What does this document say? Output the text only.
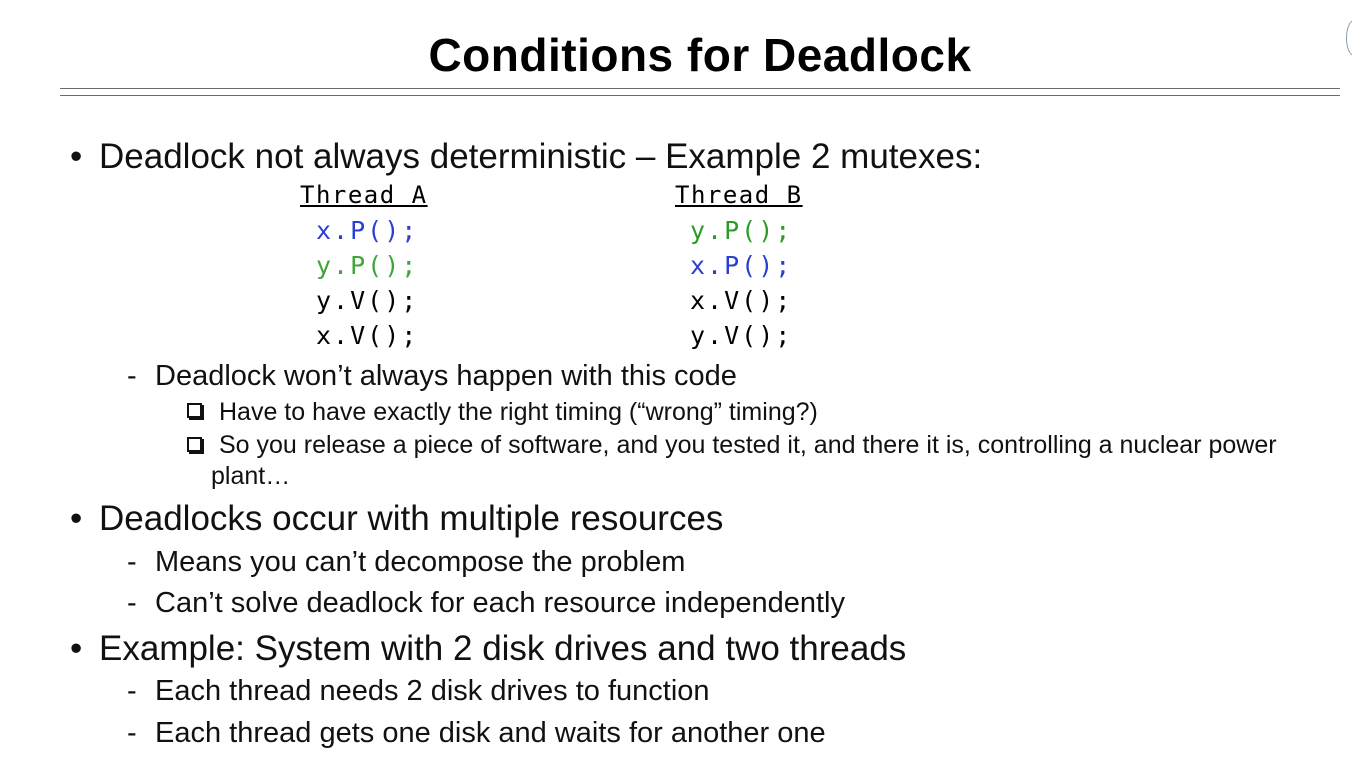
Conditions for Deadlock
• Deadlock not always deterministic – Example 2 mutexes:
Thread A
x.P();
y.P();
y.V();
x.V();
Thread B
y.P();
x.P();
x.V();
y.V();
- Deadlock won’t always happen with this code
Have to have exactly the right timing (“wrong” timing?)
So you release a piece of software, and you tested it, and there it is, controlling a nuclear power
plant…
• Deadlocks occur with multiple resources
- Means you can’t decompose the problem
- Can’t solve deadlock for each resource independently
• Example: System with 2 disk drives and two threads
- Each thread needs 2 disk drives to function
- Each thread gets one disk and waits for another one
